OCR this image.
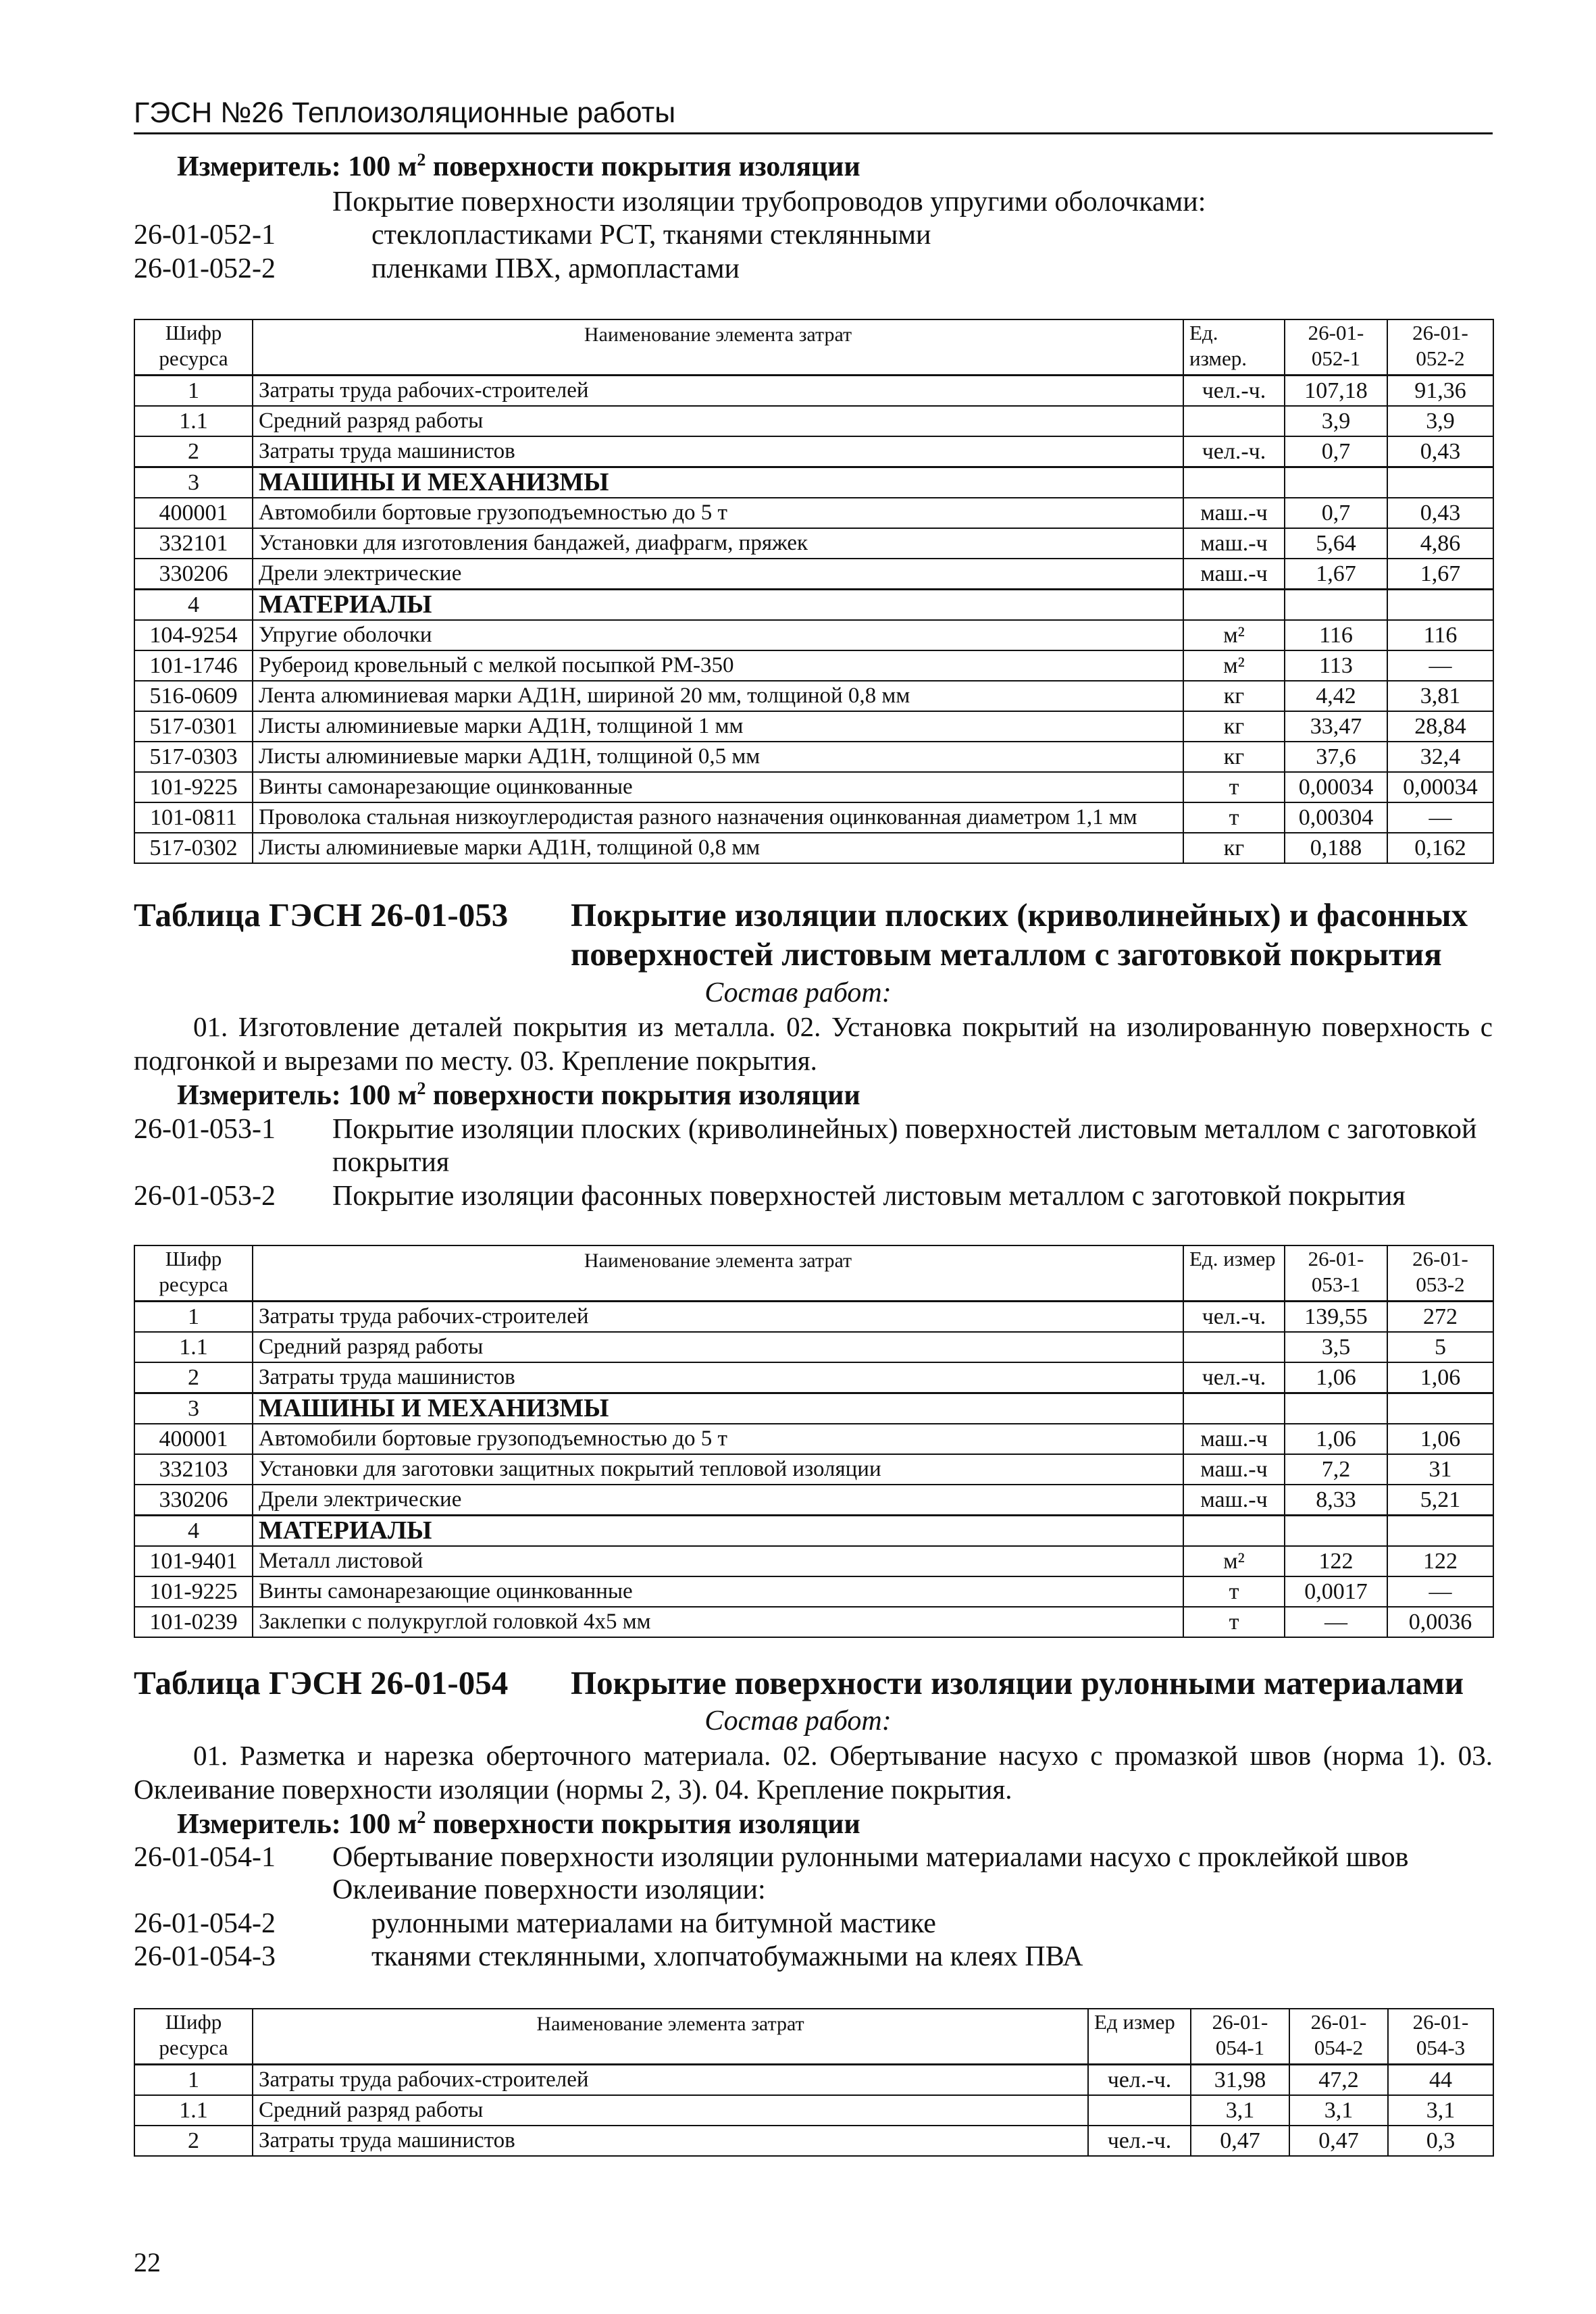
ГЭСН №26 Теплоизоляционные работы
Измеритель: 100 $м^2$ поверхности покрытия изоляции
Покрытие поверхности изоляции трубопроводов упругими оболочками:
26-01-052-1	стеклопластиками РСТ, тканями стеклянными
26-01-052-2	пленками ПВХ, армопластами
Шифр ресурса	Наименование элемента затрат	Ед. измер.	26-01-052-1	26-01-052-2
1	Затраты труда рабочих-строителей	чел.-ч.	107,18	91,36
1.1	Средний разряд работы		3,9	3,9
2	Затраты труда машинистов	чел.-ч.	0,7	0,43
3	МАШИНЫ И МЕХАНИЗМЫ			
400001	Автомобили бортовые грузоподъемностью до 5 т	маш.-ч	0,7	0,43
332101	Установки для изготовления бандажей, диафрагм, пряжек	маш.-ч	5,64	4,86
330206	Дрели электрические	маш.-ч	1,67	1,67
4	МАТЕРИАЛЫ			
104-9254	Упругие оболочки	м²	116	116
101-1746	Рубероид кровельный с мелкой посыпкой РМ-350	м²	113	—
516-0609	Лента алюминиевая марки АД1Н, шириной 20 мм, толщиной 0,8 мм	кг	4,42	3,81
517-0301	Листы алюминиевые марки АД1Н, толщиной 1 мм	кг	33,47	28,84
517-0303	Листы алюминиевые марки АД1Н, толщиной 0,5 мм	кг	37,6	32,4
101-9225	Винты самонарезающие оцинкованные	т	0,00034	0,00034
101-0811	Проволока стальная низкоуглеродистая разного назначения оцинкованная диаметром 1,1 мм	т	0,00304	—
517-0302	Листы алюминиевые марки АД1Н, толщиной 0,8 мм	кг	0,188	0,162
Таблица ГЭСН 26-01-053 Покрытие изоляции плоских (криволинейных) и фасонных поверхностей листовым металлом с заготовкой покрытия
Состав работ:
01. Изготовление деталей покрытия из металла. 02. Установка покрытий на изолированную поверхность с подгонкой и вырезами по месту. 03. Крепление покрытия.
Измеритель: 100 $м^2$ поверхности покрытия изоляции
26-01-053-1 Покрытие изоляции плоских (криволинейных) поверхностей листовым металлом с заготовкой
покрытия
26-01-053-2 Покрытие изоляции фасонных поверхностей листовым металлом с заготовкой покрытия
Шифр ресурса	Наименование элемента затрат	Ед. измер	26-01-053-1	26-01-053-2
1	Затраты труда рабочих-строителей	чел.-ч.	139,55	272
1.1	Средний разряд работы		3,5	5
2	Затраты труда машинистов	чел.-ч.	1,06	1,06
3	МАШИНЫ И МЕХАНИЗМЫ			
400001	Автомобили бортовые грузоподъемностью до 5 т	маш.-ч	1,06	1,06
332103	Установки для заготовки защитных покрытий тепловой изоляции	маш.-ч	7,2	31
330206	Дрели электрические	маш.-ч	8,33	5,21
4	МАТЕРИАЛЫ			
101-9401	Металл листовой	м²	122	122
101-9225	Винты самонарезающие оцинкованные	т	0,0017	—
101-0239	Заклепки с полукруглой головкой 4х5 мм	т	—	0,0036
Таблица ГЭСН 26-01-054 Покрытие поверхности изоляции рулонными материалами
Состав работ:
01. Разметка и нарезка оберточного материала. 02. Обертывание насухо с промазкой швов (норма 1). 03. Оклеивание поверхности изоляции (нормы 2, 3). 04. Крепление покрытия.
Измеритель: 100 $м^2$ поверхности покрытия изоляции
26-01-054-1 Обертывание поверхности изоляции рулонными материалами насухо с проклейкой швов
Оклеивание поверхности изоляции:
26-01-054-2	рулонными материалами на битумной мастике
26-01-054-3	тканями стеклянными, хлопчатобумажными на клеях ПВА
Шифр ресурса	Наименование элемента затрат	Ед измер	26-01-054-1	26-01-054-2	26-01-054-3
1	Затраты труда рабочих-строителей	чел.-ч.	31,98	47,2	44
1.1	Средний разряд работы		3,1	3,1	3,1
2	Затраты труда машинистов	чел.-ч.	0,47	0,47	0,3
22
